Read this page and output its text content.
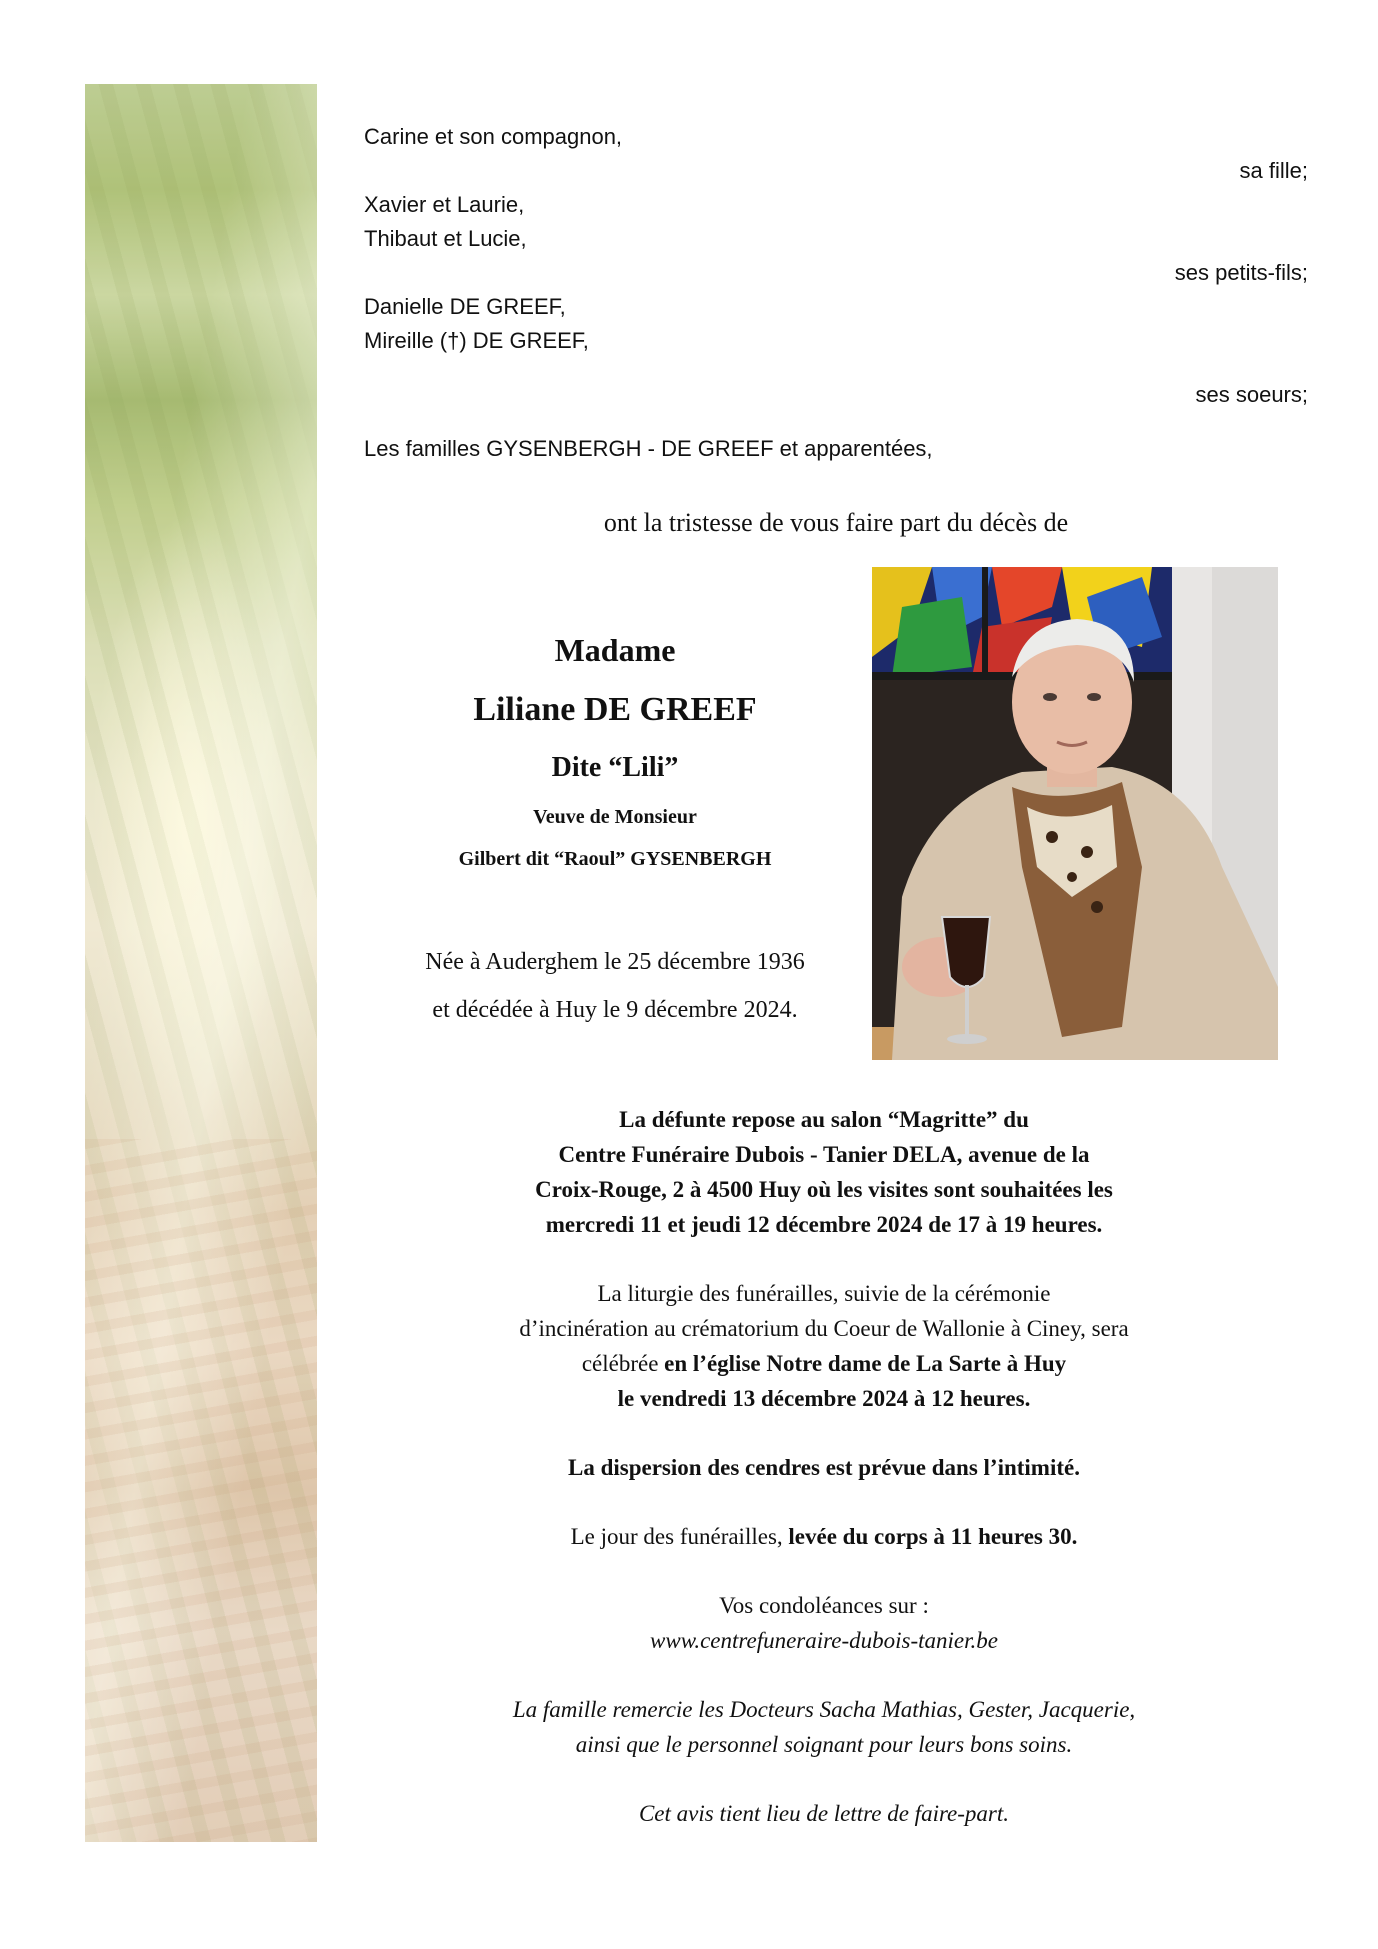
Carine et son compagnon,
sa fille;
Xavier et Laurie,
Thibaut et Lucie,
ses petits-fils;
Danielle DE GREEF,
Mireille (†) DE GREEF,
ses soeurs;
Les familles GYSENBERGH - DE GREEF et apparentées,
ont la tristesse de vous faire part du décès de
Madame
Liliane DE GREEF
Dite “Lili”
Veuve de Monsieur
Gilbert dit “Raoul” GYSENBERGH
Née à Auderghem le 25 décembre 1936
et décédée à Huy le 9 décembre 2024.
La défunte repose au salon “Magritte” du
Centre Funéraire Dubois - Tanier DELA, avenue de la
Croix-Rouge, 2 à 4500 Huy où les visites sont souhaitées les
mercredi 11 et jeudi 12 décembre 2024 de 17 à 19 heures.
La liturgie des funérailles, suivie de la cérémonie
d’incinération au crématorium du Coeur de Wallonie à Ciney, sera
célébrée en l’église Notre dame de La Sarte à Huy
le vendredi 13 décembre 2024 à 12 heures.
La dispersion des cendres est prévue dans l’intimité.
Le jour des funérailles, levée du corps à 11 heures 30.
Vos condoléances sur :
www.centrefuneraire-dubois-tanier.be
La famille remercie les Docteurs Sacha Mathias, Gester, Jacquerie,
ainsi que le personnel soignant pour leurs bons soins.
Cet avis tient lieu de lettre de faire-part.
